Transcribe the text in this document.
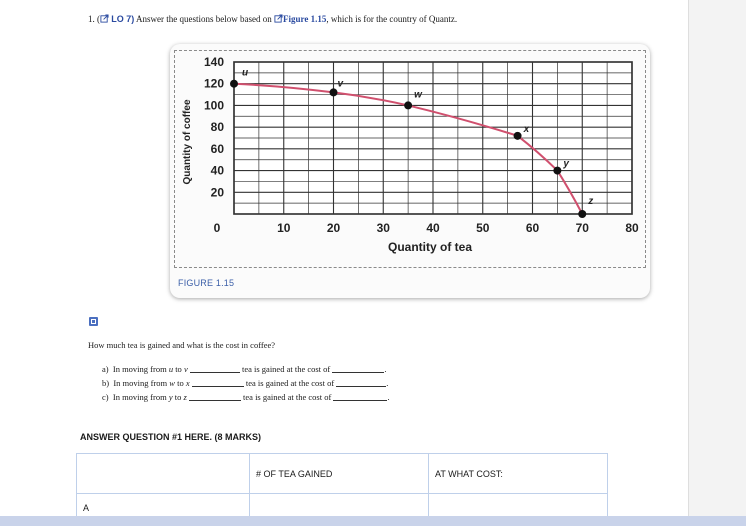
1. ( LO 7) Answer the questions below based on Figure 1.15, which is for the country of Quantz.
10	20	30	40	50	60	70	80
20
40
60
80
100
120
140
u
v
w
x
y
z
Quantity of tea
Quantity of coffee
0
FIGURE 1.15
How much tea is gained and what is the cost in coffee?
a) In moving from u to v	tea is gained at the cost of	.
b) In moving from w to x	tea is gained at the cost of	.
c) In moving from y to z	tea is gained at the cost of	.
ANSWER QUESTION #1 HERE. (8 MARKS)
	# OF TEA GAINED	AT WHAT COST:
A		
